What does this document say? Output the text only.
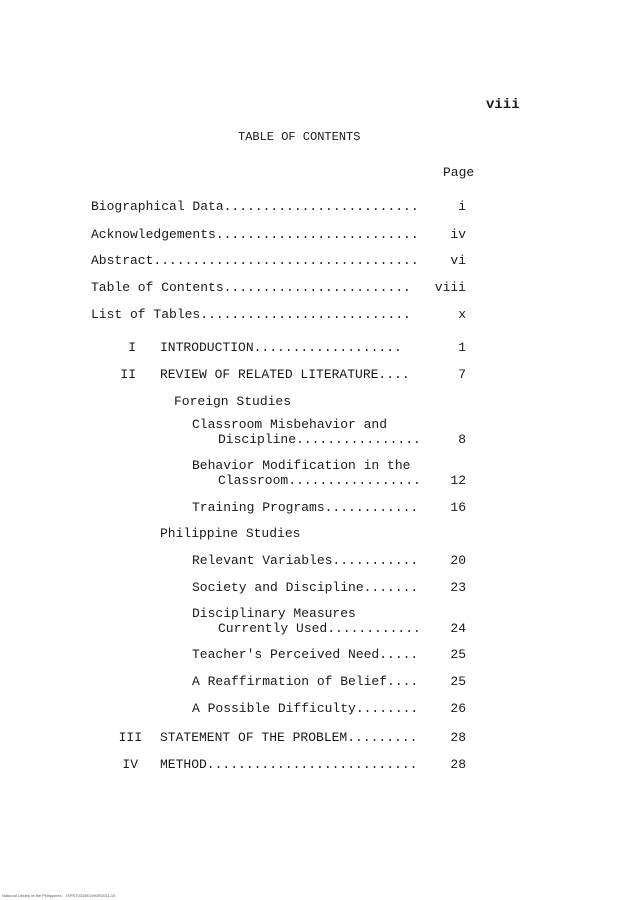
viii
TABLE OF CONTENTS
Page
Biographical Data.........................	i
Acknowledgements..........................	iv
Abstract..................................	vi
Table of Contents........................	viii
List of Tables...........................	x
I INTRODUCTION...................	1
II REVIEW OF RELATED LITERATURE....	7
Foreign Studies
Classroom Misbehavior and
Discipline................	8
Behavior Modification in the
Classroom.................	12
Training Programs............	16
Philippine Studies
Relevant Variables...........	20
Society and Discipline.......	23
Disciplinary Measures
Currently Used............	24
Teacher's Perceived Need.....	25
A Reaffirmation of Belief....	25
A Possible Difficulty........	26
III STATEMENT OF THE PROBLEM.........	28
IV METHOD...........................	28
National Library of the Philippines    ISPST0316E1991R2011-10
